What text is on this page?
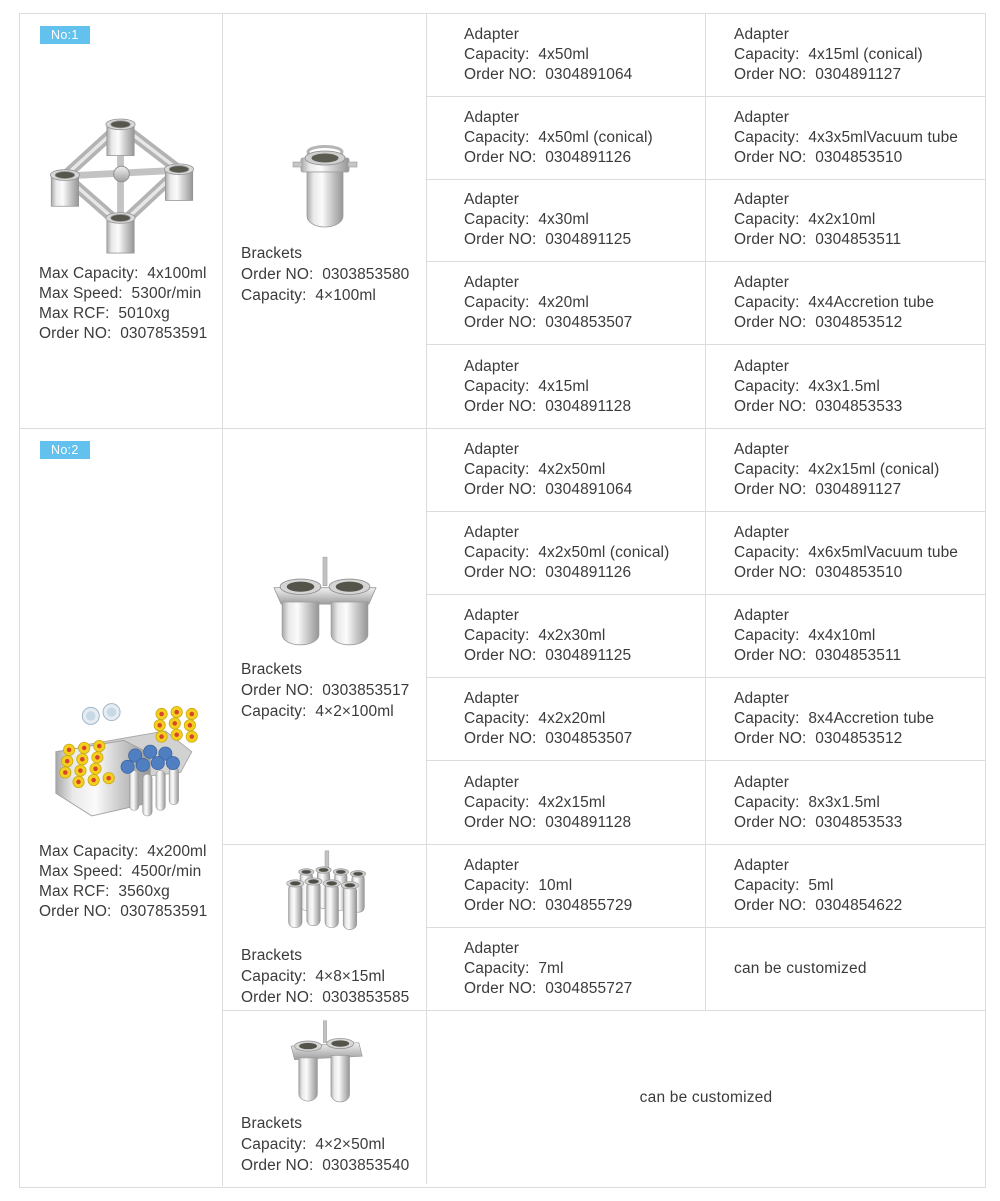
No:1
Max Capacity:  4x100ml
Max Speed:  5300r/min
Max RCF:  5010xg
Order NO:  0307853591
Brackets
Order NO:  0303853580
Capacity:  4×100ml
Adapter
Capacity:  4x50ml
Order NO:  0304891064
Adapter
Capacity:  4x15ml (conical)
Order NO:  0304891127
Adapter
Capacity:  4x50ml (conical)
Order NO:  0304891126
Adapter
Capacity:  4x3x5mlVacuum tube
Order NO:  0304853510
Adapter
Capacity:  4x30ml
Order NO:  0304891125
Adapter
Capacity:  4x2x10ml
Order NO:  0304853511
Adapter
Capacity:  4x20ml
Order NO:  0304853507
Adapter
Capacity:  4x4Accretion tube
Order NO:  0304853512
Adapter
Capacity:  4x15ml
Order NO:  0304891128
Adapter
Capacity:  4x3x1.5ml
Order NO:  0304853533
No:2
Max Capacity:  4x200ml
Max Speed:  4500r/min
Max RCF:  3560xg
Order NO:  0307853591
Brackets
Order NO:  0303853517
Capacity:  4×2×100ml
Adapter
Capacity:  4x2x50ml
Order NO:  0304891064
Adapter
Capacity:  4x2x15ml (conical)
Order NO:  0304891127
Adapter
Capacity:  4x2x50ml (conical)
Order NO:  0304891126
Adapter
Capacity:  4x6x5mlVacuum tube
Order NO:  0304853510
Adapter
Capacity:  4x2x30ml
Order NO:  0304891125
Adapter
Capacity:  4x4x10ml
Order NO:  0304853511
Adapter
Capacity:  4x2x20ml
Order NO:  0304853507
Adapter
Capacity:  8x4Accretion tube
Order NO:  0304853512
Adapter
Capacity:  4x2x15ml
Order NO:  0304891128
Adapter
Capacity:  8x3x1.5ml
Order NO:  0304853533
Brackets
Capacity:  4×8×15ml
Order NO:  0303853585
Adapter
Capacity:  10ml
Order NO:  0304855729
Adapter
Capacity:  5ml
Order NO:  0304854622
Adapter
Capacity:  7ml
Order NO:  0304855727
can be customized
Brackets
Capacity:  4×2×50ml
Order NO:  0303853540
can be customized
